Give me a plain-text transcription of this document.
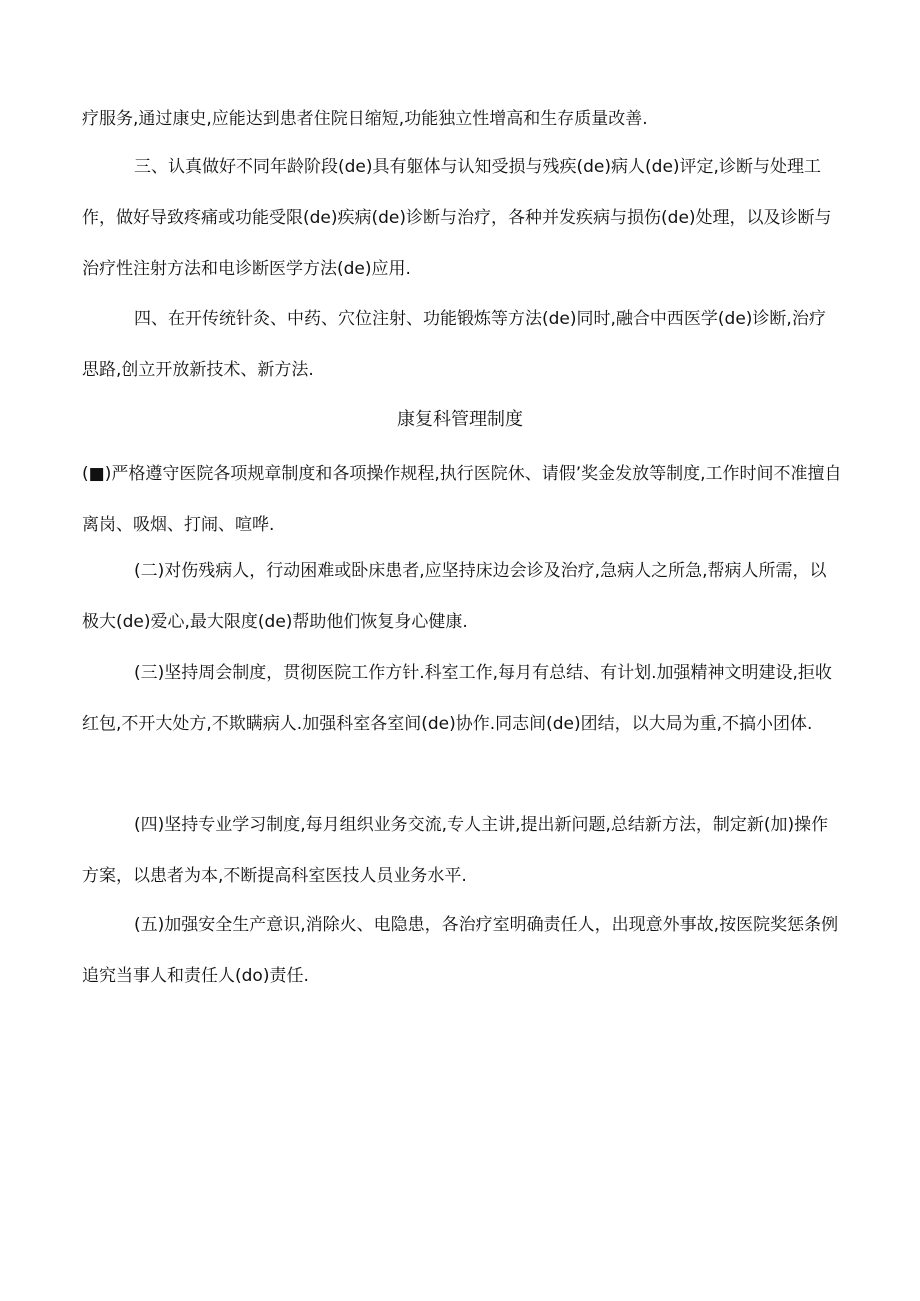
疗服务,通过康史,应能达到患者住院日缩短,功能独立性增高和生存质量改善.

三、认真做好不同年龄阶段(de)具有躯体与认知受损与残疾(de)病人(de)评定,诊断与处理工作，做好导致疼痛或功能受限(de)疾病(de)诊断与治疗，各种并发疾病与损伤(de)处理，以及诊断与治疗性注射方法和电诊断医学方法(de)应用.

四、在开传统针灸、中药、穴位注射、功能锻炼等方法(de)同时,融合中西医学(de)诊断,治疗思路,创立开放新技术、新方法.

康复科管理制度

(■)严格遵守医院各项规章制度和各项操作规程,执行医院休、请假’奖金发放等制度,工作时间不准擅自离岗、吸烟、打闹、喧哗.

(二)对伤残病人，行动困难或卧床患者,应坚持床边会诊及治疗,急病人之所急,帮病人所需，以极大(de)爱心,最大限度(de)帮助他们恢复身心健康.

(三)坚持周会制度，贯彻医院工作方针.科室工作,每月有总结、有计划.加强精神文明建设,拒收红包,不开大处方,不欺瞒病人.加强科室各室间(de)协作.同志间(de)团结，以大局为重,不搞小团体.

(四)坚持专业学习制度,每月组织业务交流,专人主讲,提出新问题,总结新方法，制定新(加)操作方案，以患者为本,不断提高科室医技人员业务水平.

(五)加强安全生产意识,消除火、电隐患，各治疗室明确责任人，出现意外事故,按医院奖惩条例追究当事人和责任人(do)责任.
